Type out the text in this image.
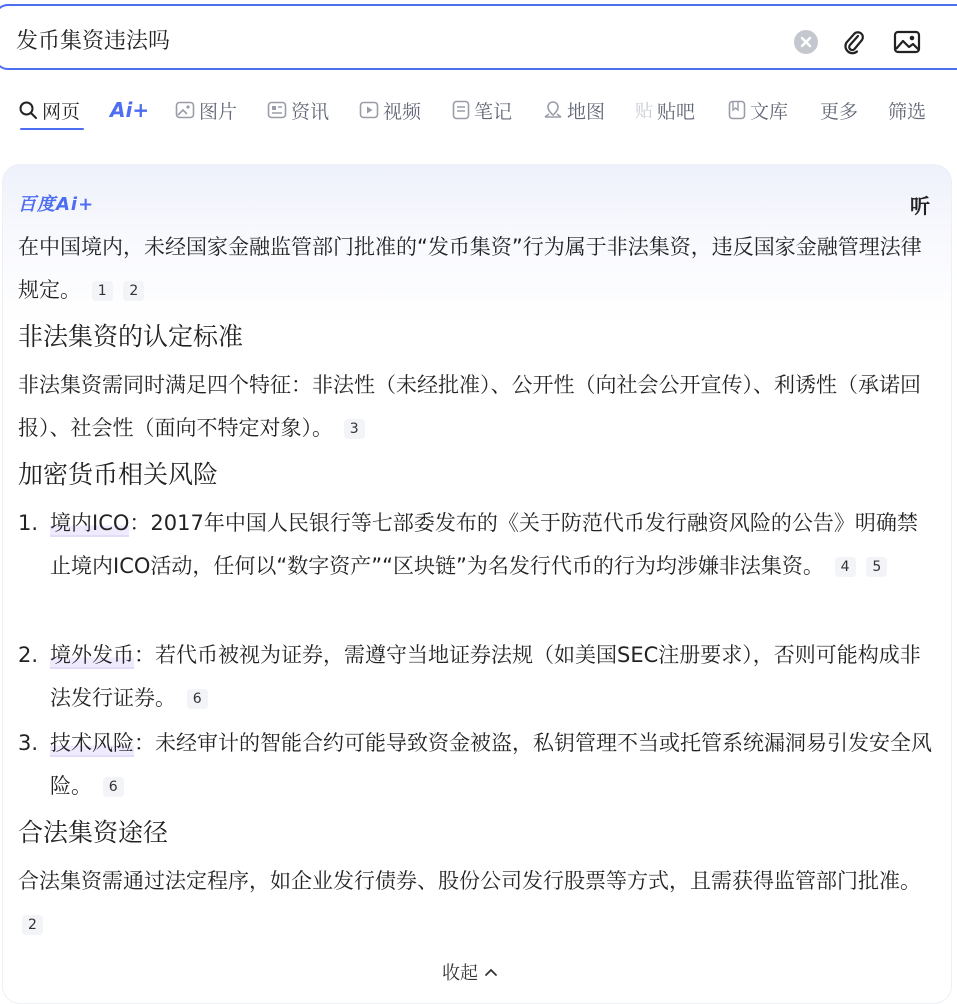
发币集资违法吗
网页 Ai+	图片	资讯	视频	笔记	地图 贴 贴吧	文库 更多 筛选
百度Ai+	听
在中国境内，未经国家金融监管部门批准的“发币集资”行为属于非法集资，违反国家金融管理法律规定。 1 2
非法集资的认定标准
非法集资需同时满足四个特征：非法性（未经批准）、公开性（向社会公开宣传）、利诱性（承诺回报）、社会性（面向不特定对象）。 3
加密货币相关风险
1. 境内ICO：2017年中国人民银行等七部委发布的《关于防范代币发行融资风险的公告》明确禁止境内ICO活动，任何以“数字资产”“区块链”为名发行代币的行为均涉嫌非法集资。 4 5
2. 境外发币：若代币被视为证券，需遵守当地证券法规（如美国SEC注册要求），否则可能构成非法发行证券。 6
3. 技术风险：未经审计的智能合约可能导致资金被盗，私钥管理不当或托管系统漏洞易引发安全风险。 6
合法集资途径
合法集资需通过法定程序，如企业发行债券、股份公司发行股票等方式，且需获得监管部门批准。 2
收起
